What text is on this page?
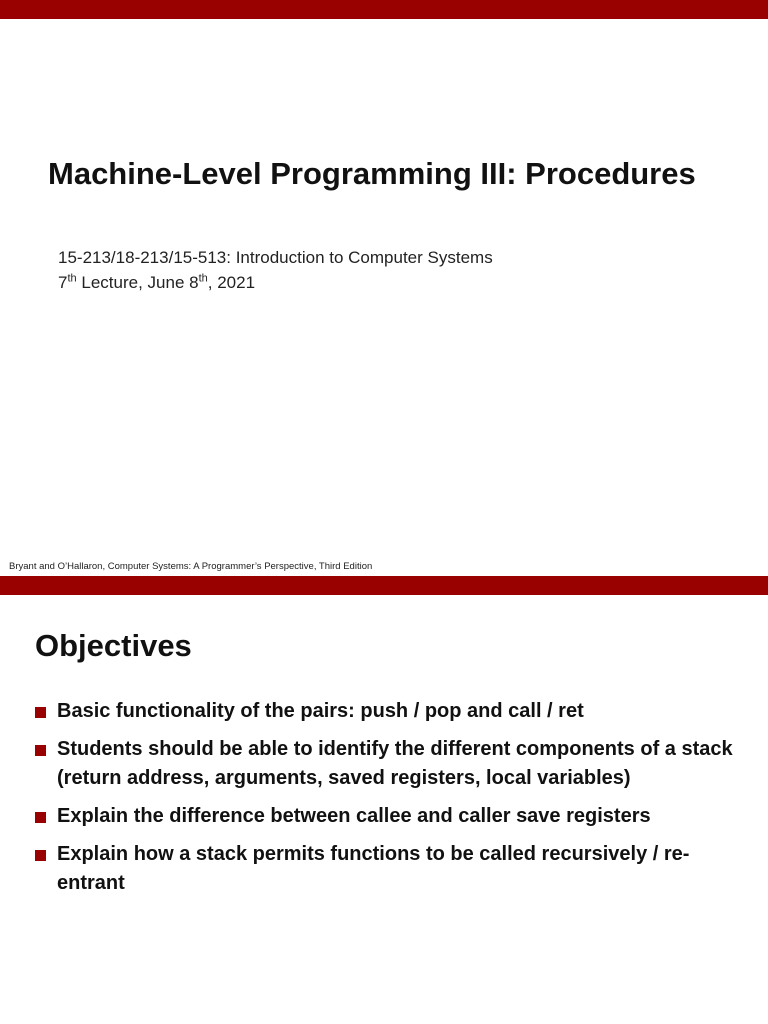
Machine-Level Programming III: Procedures
15-213/18-213/15-513: Introduction to Computer Systems
7th Lecture, June 8th, 2021
Bryant and O’Hallaron, Computer Systems: A Programmer’s Perspective, Third Edition
Objectives
Basic functionality of the pairs: push / pop and call / ret
Students should be able to identify the different components of a stack (return address, arguments, saved registers, local variables)
Explain the difference between callee and caller save registers
Explain how a stack permits functions to be called recursively / re-entrant
